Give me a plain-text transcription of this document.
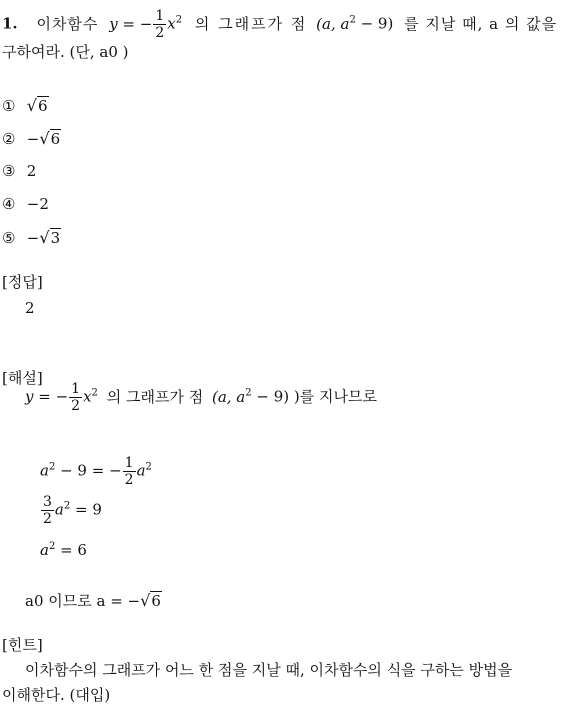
1. 이차함수 y = − $\frac{1}{2} x^2$ 의 그래프가 점 (a, $a^2 - 9$) 를 지날 때, a 의 값을
구하여라. (단, a0 )
① √6
② −√6
③ 2
④ −2
⑤ −√3
[정답]
2
[해설]
y = − $\frac{1}{2} x^2$ 의 그래프가 점 (a, $a^2 - 9$) )를 지나므로
$a^2 - 9$ = − $\frac{1}{2} a^2$
$\frac{3}{2} a^2 = 9$
$a^2 = 6$
a0 이므로 a = −√6
[힌트]
이차함수의 그래프가 어느 한 점을 지날 때, 이차함수의 식을 구하는 방법을
이해한다. (대입)
